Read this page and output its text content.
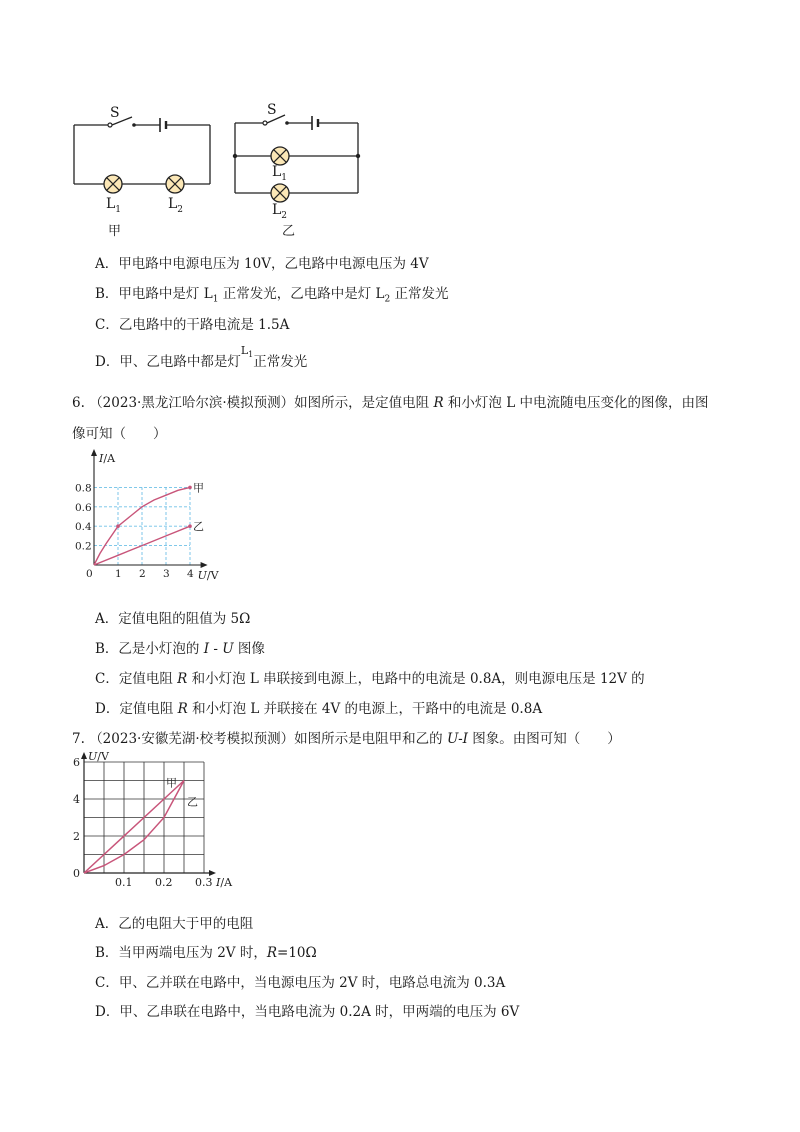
S
$L_1$	$L_2$
甲
S
$L_1$
$L_2$
乙
A．甲电路中电源电压为 10V，乙电路中电源电压为 4V
B．甲电路中是灯 $L_1$ 正常发光，乙电路中是灯 $L_2$ 正常发光
C．乙电路中的干路电流是 1.5A
D．甲、乙电路中都是灯$^{L_1}$正常发光
6. （2023·黑龙江哈尔滨·模拟预测）如图所示，是定值电阻 R 和小灯泡 L 中电流随电压变化的图像，由图
像可知（　　）
0 1 2 3 4
0.2
0.4
0.6
0.8
U/V
I/A
甲
乙
A．定值电阻的阻值为 5Ω
B．乙是小灯泡的 I - U 图像
C．定值电阻 R 和小灯泡 L 串联接到电源上，电路中的电流是 0.8A，则电源电压是 12V 的
D．定值电阻 R 和小灯泡 L 并联接在 4V 的电源上，干路中的电流是 0.8A
7. （2023·安徽芜湖·校考模拟预测）如图所示是电阻甲和乙的 U-I 图象。由图可知（　　）
0.1 0.2 0.3
0
2
4
6
I/A
U/V
甲
乙
A．乙的电阻大于甲的电阻
B．当甲两端电压为 2V 时，R=10Ω
C．甲、乙并联在电路中，当电源电压为 2V 时，电路总电流为 0.3A
D．甲、乙串联在电路中，当电路电流为 0.2A 时，甲两端的电压为 6V
